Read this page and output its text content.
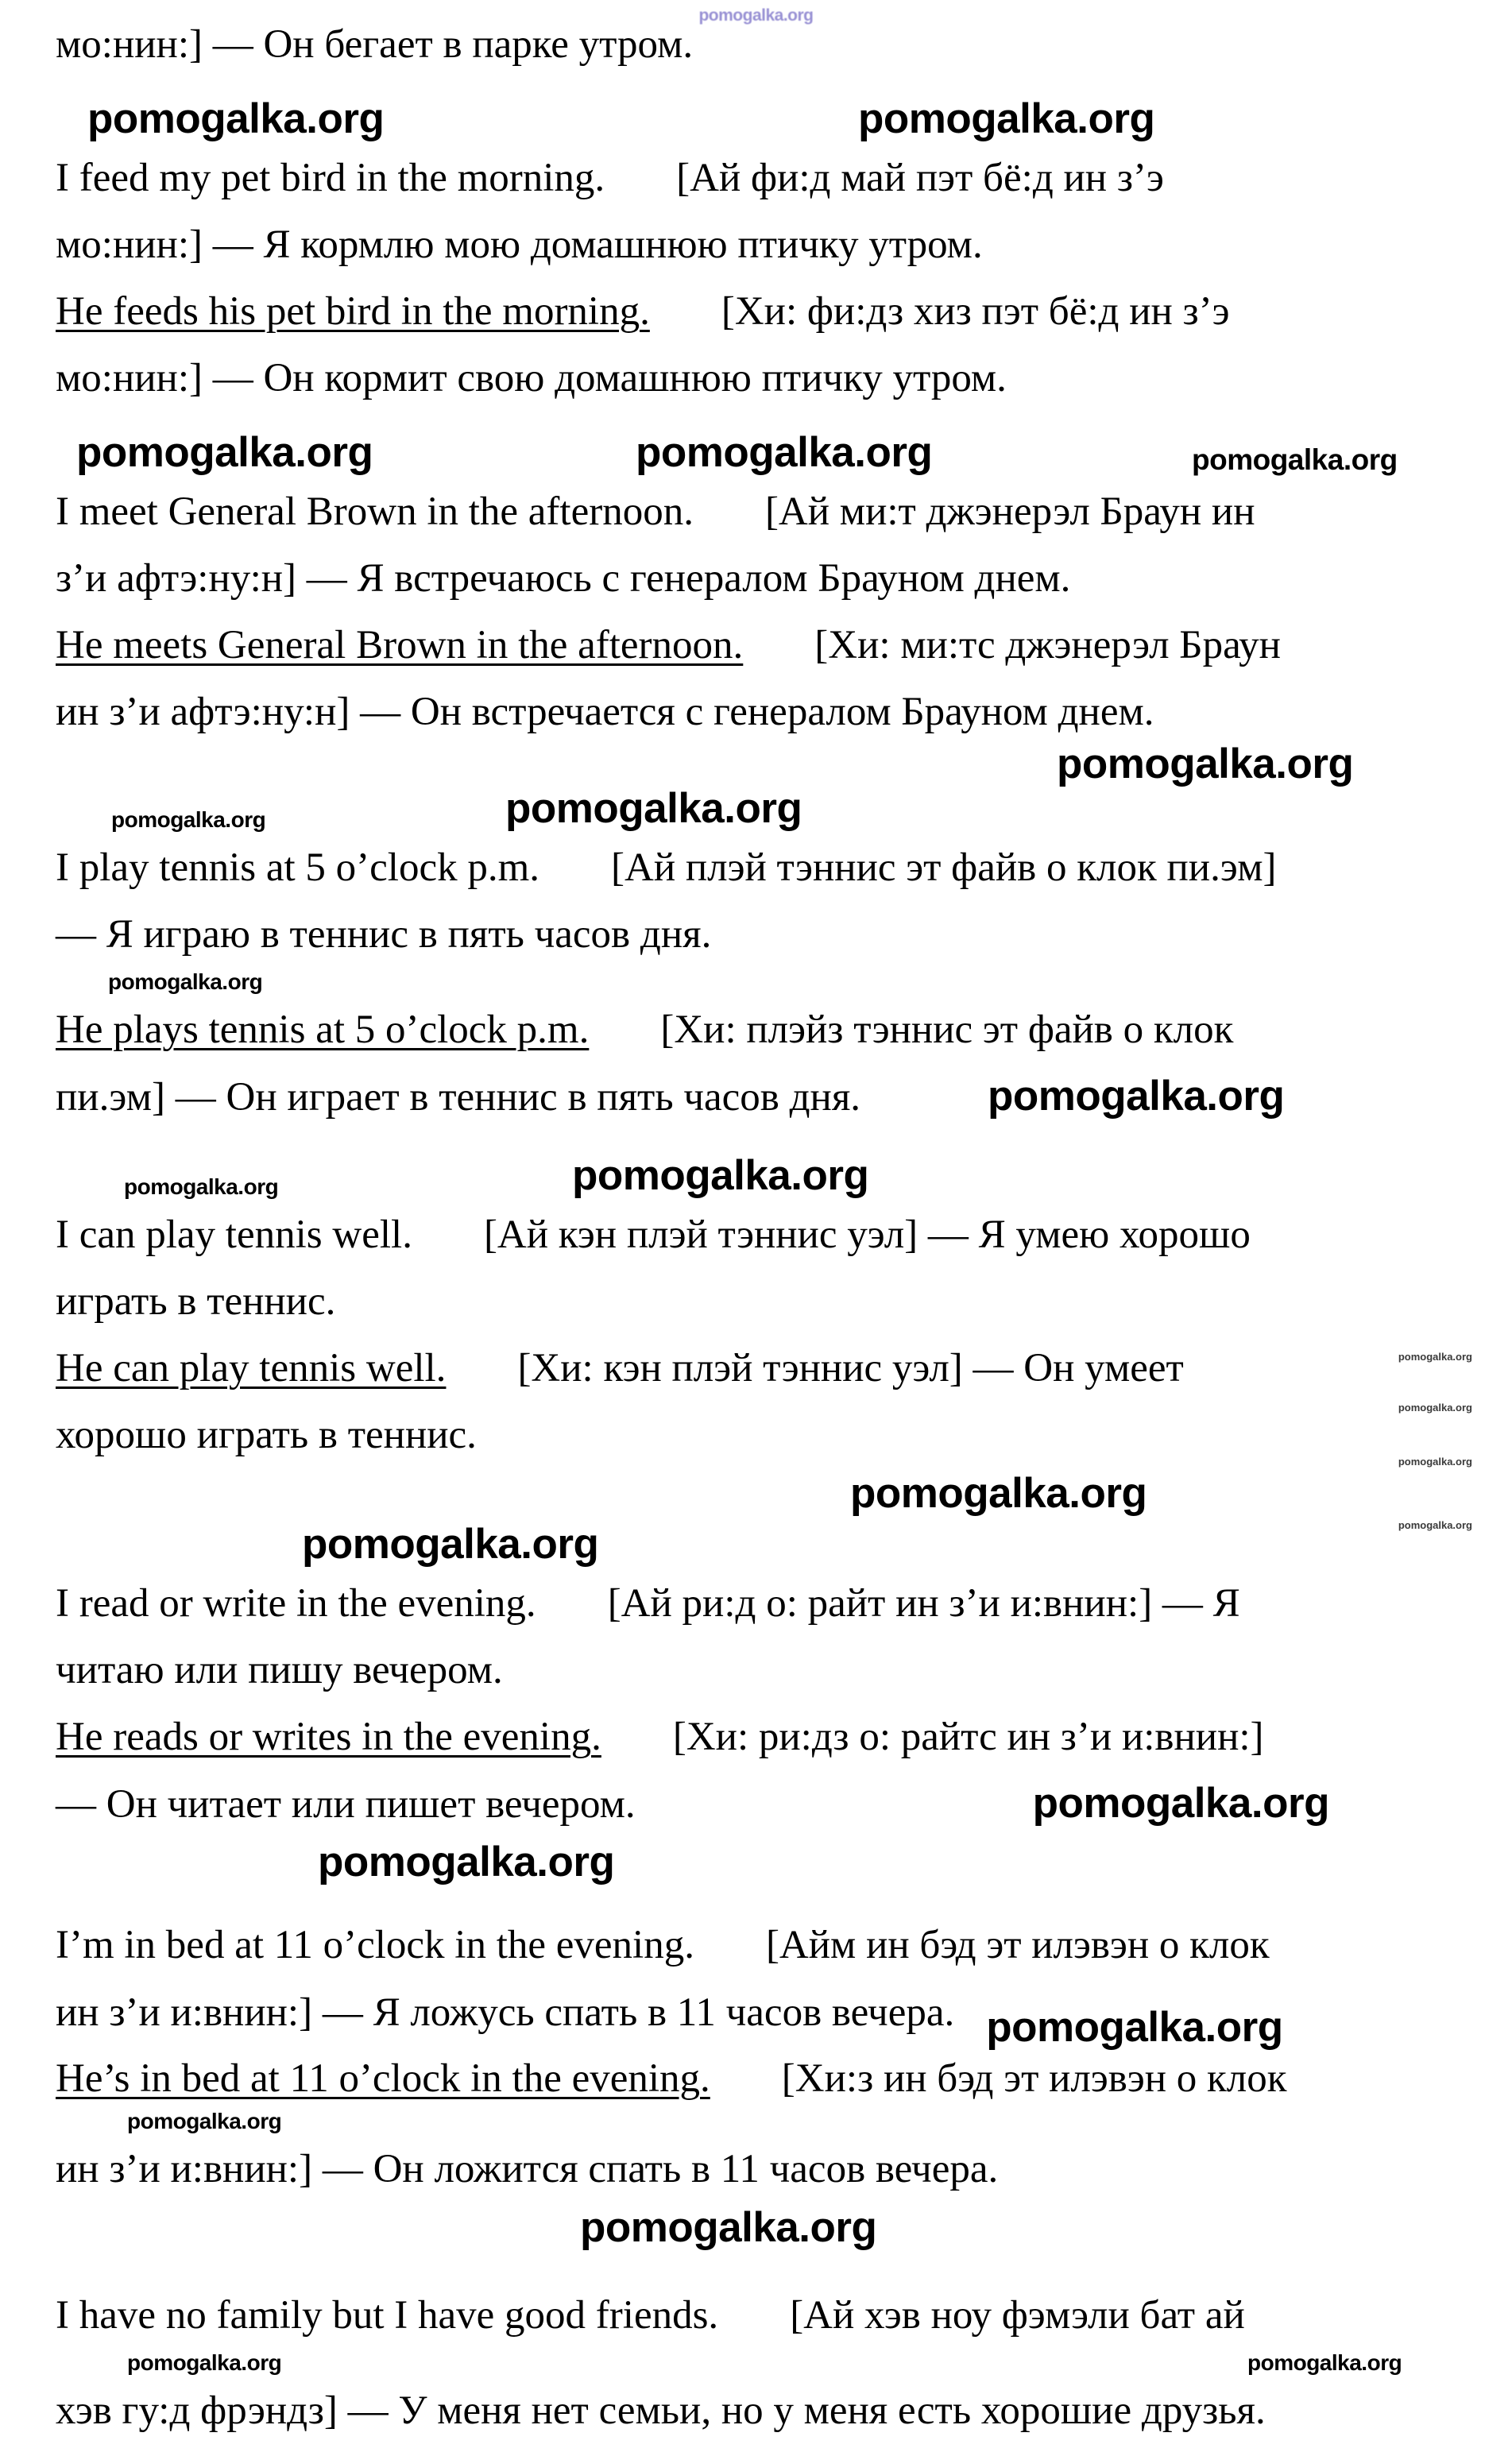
pomogalka.org
мо:нин:] — Он бегает в парке утром.
pomogalka.org	pomogalka.org
I feed my pet bird in the morning. [Ай фи:д май пэт бё:д ин з’э
мо:нин:] — Я кормлю мою домашнюю птичку утром.
He feeds his pet bird in the morning. [Хи: фи:дз хиз пэт бё:д ин з’э
мо:нин:] — Он кормит свою домашнюю птичку утром.
pomogalka.org	pomogalka.org	pomogalka.org
I meet General Brown in the afternoon. [Ай ми:т джэнерэл Браун ин
з’и афтэ:ну:н] — Я встречаюсь с генералом Брауном днем.
He meets General Brown in the afternoon. [Хи: ми:тс джэнерэл Браун
ин з’и афтэ:ну:н] — Он встречается с генералом Брауном днем.
pomogalka.org
pomogalka.org	pomogalka.org
I play tennis at 5 o’clock p.m. [Ай плэй тэннис эт файв о клок пи.эм]
— Я играю в теннис в пять часов дня.
pomogalka.org
He plays tennis at 5 o’clock p.m. [Хи: плэйз тэннис эт файв о клок
пи.эм] — Он играет в теннис в пять часов дня.	pomogalka.org
pomogalka.org	pomogalka.org
I can play tennis well. [Ай кэн плэй тэннис уэл] — Я умею хорошо
играть в теннис.
He can play tennis well. [Хи: кэн плэй тэннис уэл] — Он умеет
хорошо играть в теннис.
pomogalka.org
pomogalka.org
I read or write in the evening. [Ай ри:д о: райт ин з’и и:внин:] — Я
читаю или пишу вечером.
He reads or writes in the evening. [Хи: ри:дз о: райтс ин з’и и:внин:]
— Он читает или пишет вечером.	pomogalka.org
pomogalka.org
I’m in bed at 11 o’clock in the evening. [Айм ин бэд эт илэвэн о клок
ин з’и и:внин:] — Я ложусь спать в 11 часов вечера. pomogalka.org
He’s in bed at 11 o’clock in the evening. [Хи:з ин бэд эт илэвэн о клок
pomogalka.org
ин з’и и:внин:] — Он ложится спать в 11 часов вечера.
pomogalka.org
I have no family but I have good friends. [Ай хэв ноу фэмэли бат ай
pomogalka.org	pomogalka.org
хэв гу:д фрэндз] — У меня нет семьи, но у меня есть хорошие друзья.
pomogalka.org
pomogalka.org
pomogalka.org
pomogalka.org
